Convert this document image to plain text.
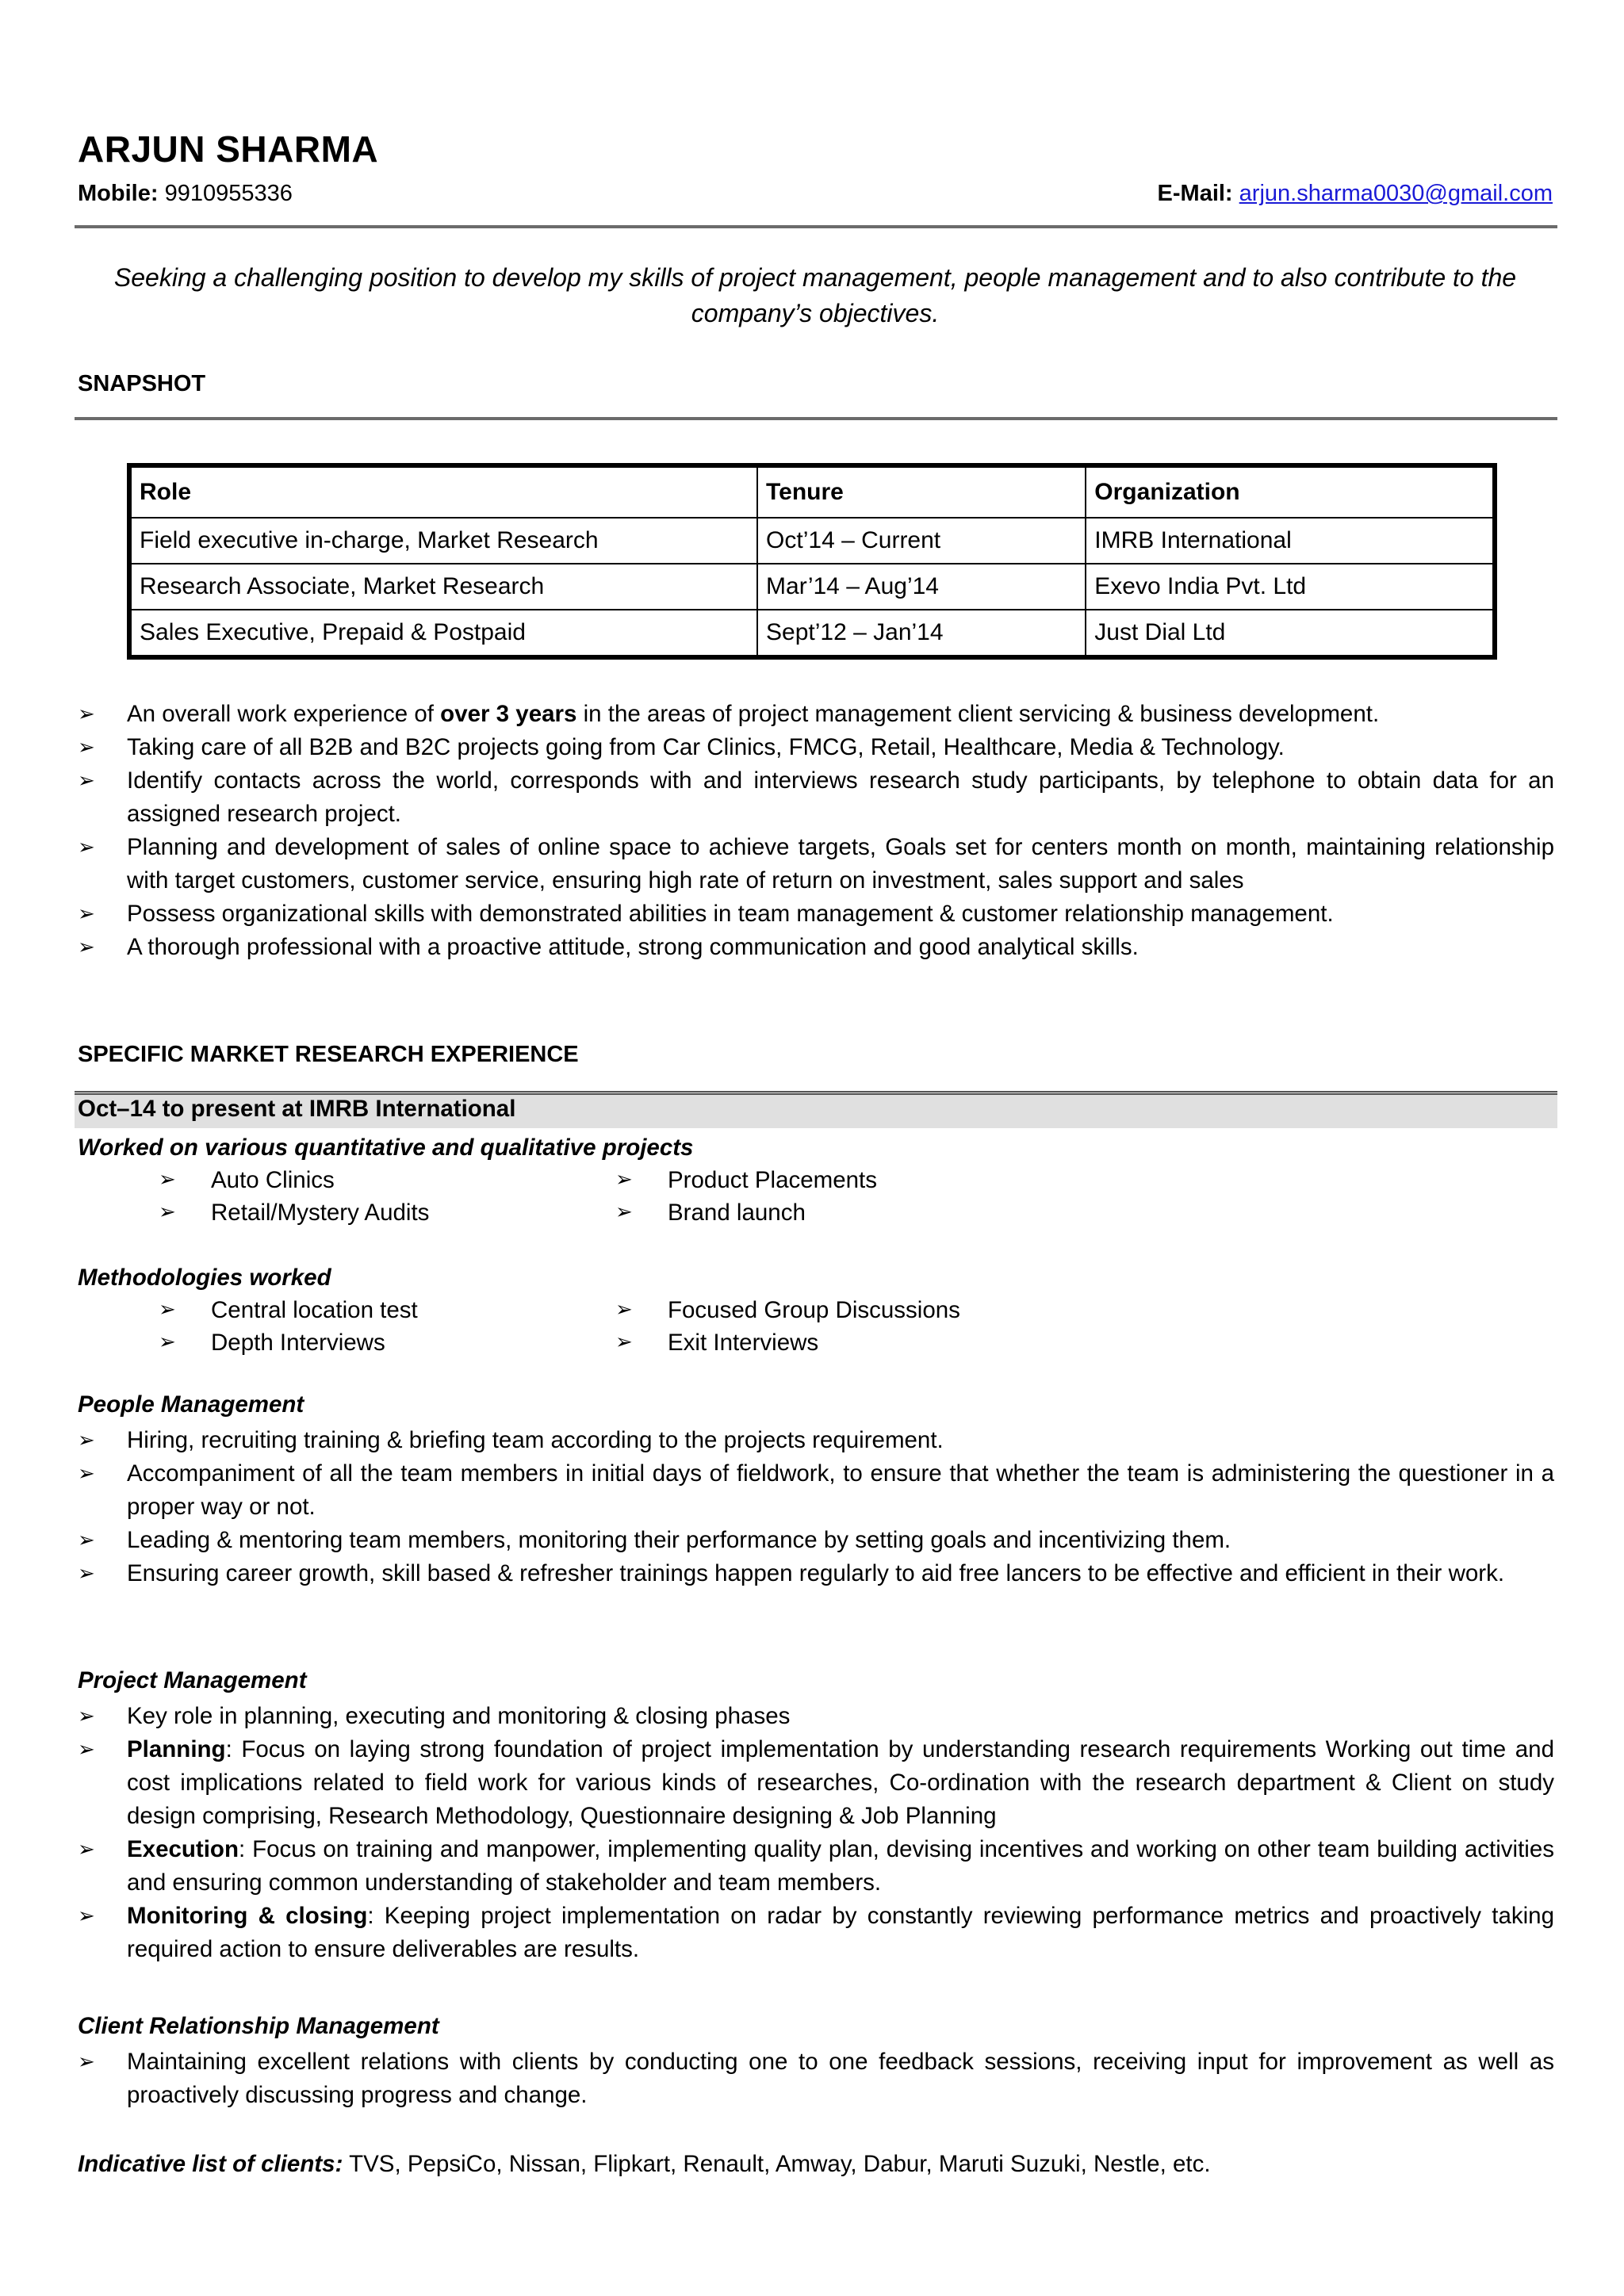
ARJUN SHARMA
Mobile: 9910955336	E-Mail: arjun.sharma0030@gmail.com
Seeking a challenging position to develop my skills of project management, people management and to also contribute to the company’s objectives.
SNAPSHOT
Role	Tenure	Organization
Field executive in-charge, Market Research	Oct’14 – Current	IMRB International
Research Associate, Market Research	Mar’14 – Aug’14	Exevo India Pvt. Ltd
Sales Executive, Prepaid & Postpaid	Sept’12 – Jan’14	Just Dial Ltd
➢ An overall work experience of over 3 years in the areas of project management client servicing & business development.
➢ Taking care of all B2B and B2C projects going from Car Clinics, FMCG, Retail, Healthcare, Media & Technology.
➢ Identify contacts across the world, corresponds with and interviews research study participants, by telephone to obtain data for an assigned research project.
➢ Planning and development of sales of online space to achieve targets, Goals set for centers month on month, maintaining relationship with target customers, customer service, ensuring high rate of return on investment, sales support and sales
➢ Possess organizational skills with demonstrated abilities in team management & customer relationship management.
➢ A thorough professional with a proactive attitude, strong communication and good analytical skills.
SPECIFIC MARKET RESEARCH EXPERIENCE
Oct–14 to present at IMRB International
Worked on various quantitative and qualitative projects
➢ Auto Clinics	➢ Product Placements
➢ Retail/Mystery Audits	➢ Brand launch
Methodologies worked
➢ Central location test	➢ Focused Group Discussions
➢ Depth Interviews	➢ Exit Interviews
People Management
➢ Hiring, recruiting training & briefing team according to the projects requirement.
➢ Accompaniment of all the team members in initial days of fieldwork, to ensure that whether the team is administering the questioner in a proper way or not.
➢ Leading & mentoring team members, monitoring their performance by setting goals and incentivizing them.
➢ Ensuring career growth, skill based & refresher trainings happen regularly to aid free lancers to be effective and efficient in their work.
Project Management
➢ Key role in planning, executing and monitoring & closing phases
➢ Planning: Focus on laying strong foundation of project implementation by understanding research requirements Working out time and cost implications related to field work for various kinds of researches, Co-ordination with the research department & Client on study design comprising, Research Methodology, Questionnaire designing & Job Planning
➢ Execution: Focus on training and manpower, implementing quality plan, devising incentives and working on other team building activities and ensuring common understanding of stakeholder and team members.
➢ Monitoring & closing: Keeping project implementation on radar by constantly reviewing performance metrics and proactively taking required action to ensure deliverables are results.
Client Relationship Management
➢ Maintaining excellent relations with clients by conducting one to one feedback sessions, receiving input for improvement as well as proactively discussing progress and change.
Indicative list of clients: TVS, PepsiCo, Nissan, Flipkart, Renault, Amway, Dabur, Maruti Suzuki, Nestle, etc.
